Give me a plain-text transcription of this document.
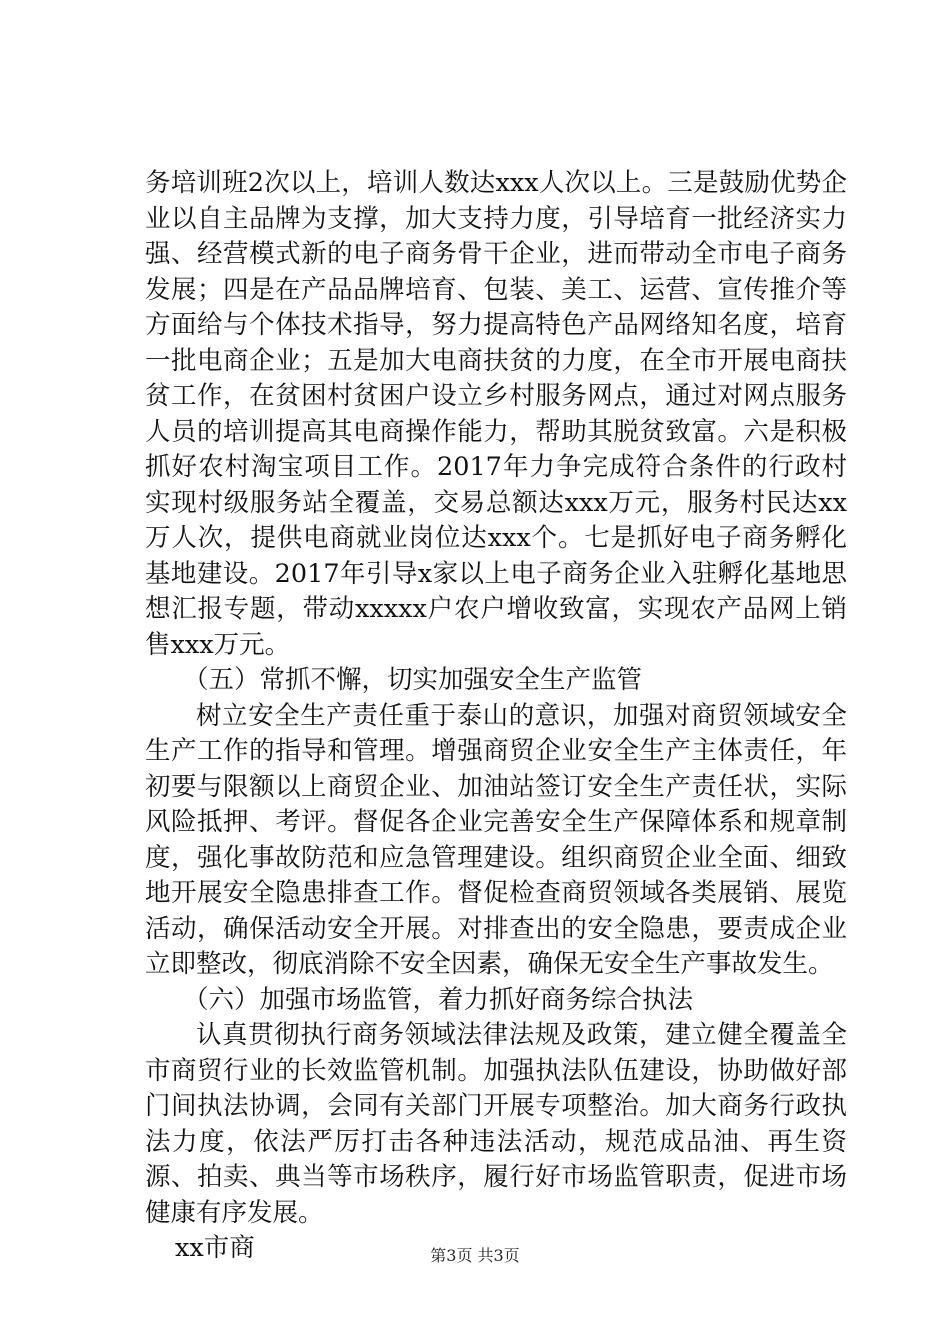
务培训班2次以上，培训人数达xxx人次以上。三是鼓励优势企业以自主品牌为支撑，加大支持力度，引导培育一批经济实力强、经营模式新的电子商务骨干企业，进而带动全市电子商务发展；四是在产品品牌培育、包装、美工、运营、宣传推介等方面给与个体技术指导，努力提高特色产品网络知名度，培育一批电商企业；五是加大电商扶贫的力度，在全市开展电商扶贫工作，在贫困村贫困户设立乡村服务网点，通过对网点服务人员的培训提高其电商操作能力，帮助其脱贫致富。六是积极抓好农村淘宝项目工作。2017年力争完成符合条件的行政村实现村级服务站全覆盖，交易总额达xxx万元，服务村民达xx万人次，提供电商就业岗位达xxx个。七是抓好电子商务孵化基地建设。2017年引导x家以上电子商务企业入驻孵化基地思想汇报专题，带动xxxxx户农户增收致富，实现农产品网上销售xxx万元。

（五）常抓不懈，切实加强安全生产监管

树立安全生产责任重于泰山的意识，加强对商贸领域安全生产工作的指导和管理。增强商贸企业安全生产主体责任，年初要与限额以上商贸企业、加油站签订安全生产责任状，实际风险抵押、考评。督促各企业完善安全生产保障体系和规章制度，强化事故防范和应急管理建设。组织商贸企业全面、细致地开展安全隐患排查工作。督促检查商贸领域各类展销、展览活动，确保活动安全开展。对排查出的安全隐患，要责成企业立即整改，彻底消除不安全因素，确保无安全生产事故发生。

（六）加强市场监管，着力抓好商务综合执法

认真贯彻执行商务领域法律法规及政策，建立健全覆盖全市商贸行业的长效监管机制。加强执法队伍建设，协助做好部门间执法协调，会同有关部门开展专项整治。加大商务行政执法力度，依法严厉打击各种违法活动，规范成品油、再生资源、拍卖、典当等市场秩序，履行好市场监管职责，促进市场健康有序发展。

xx市商	第3页 共3页
